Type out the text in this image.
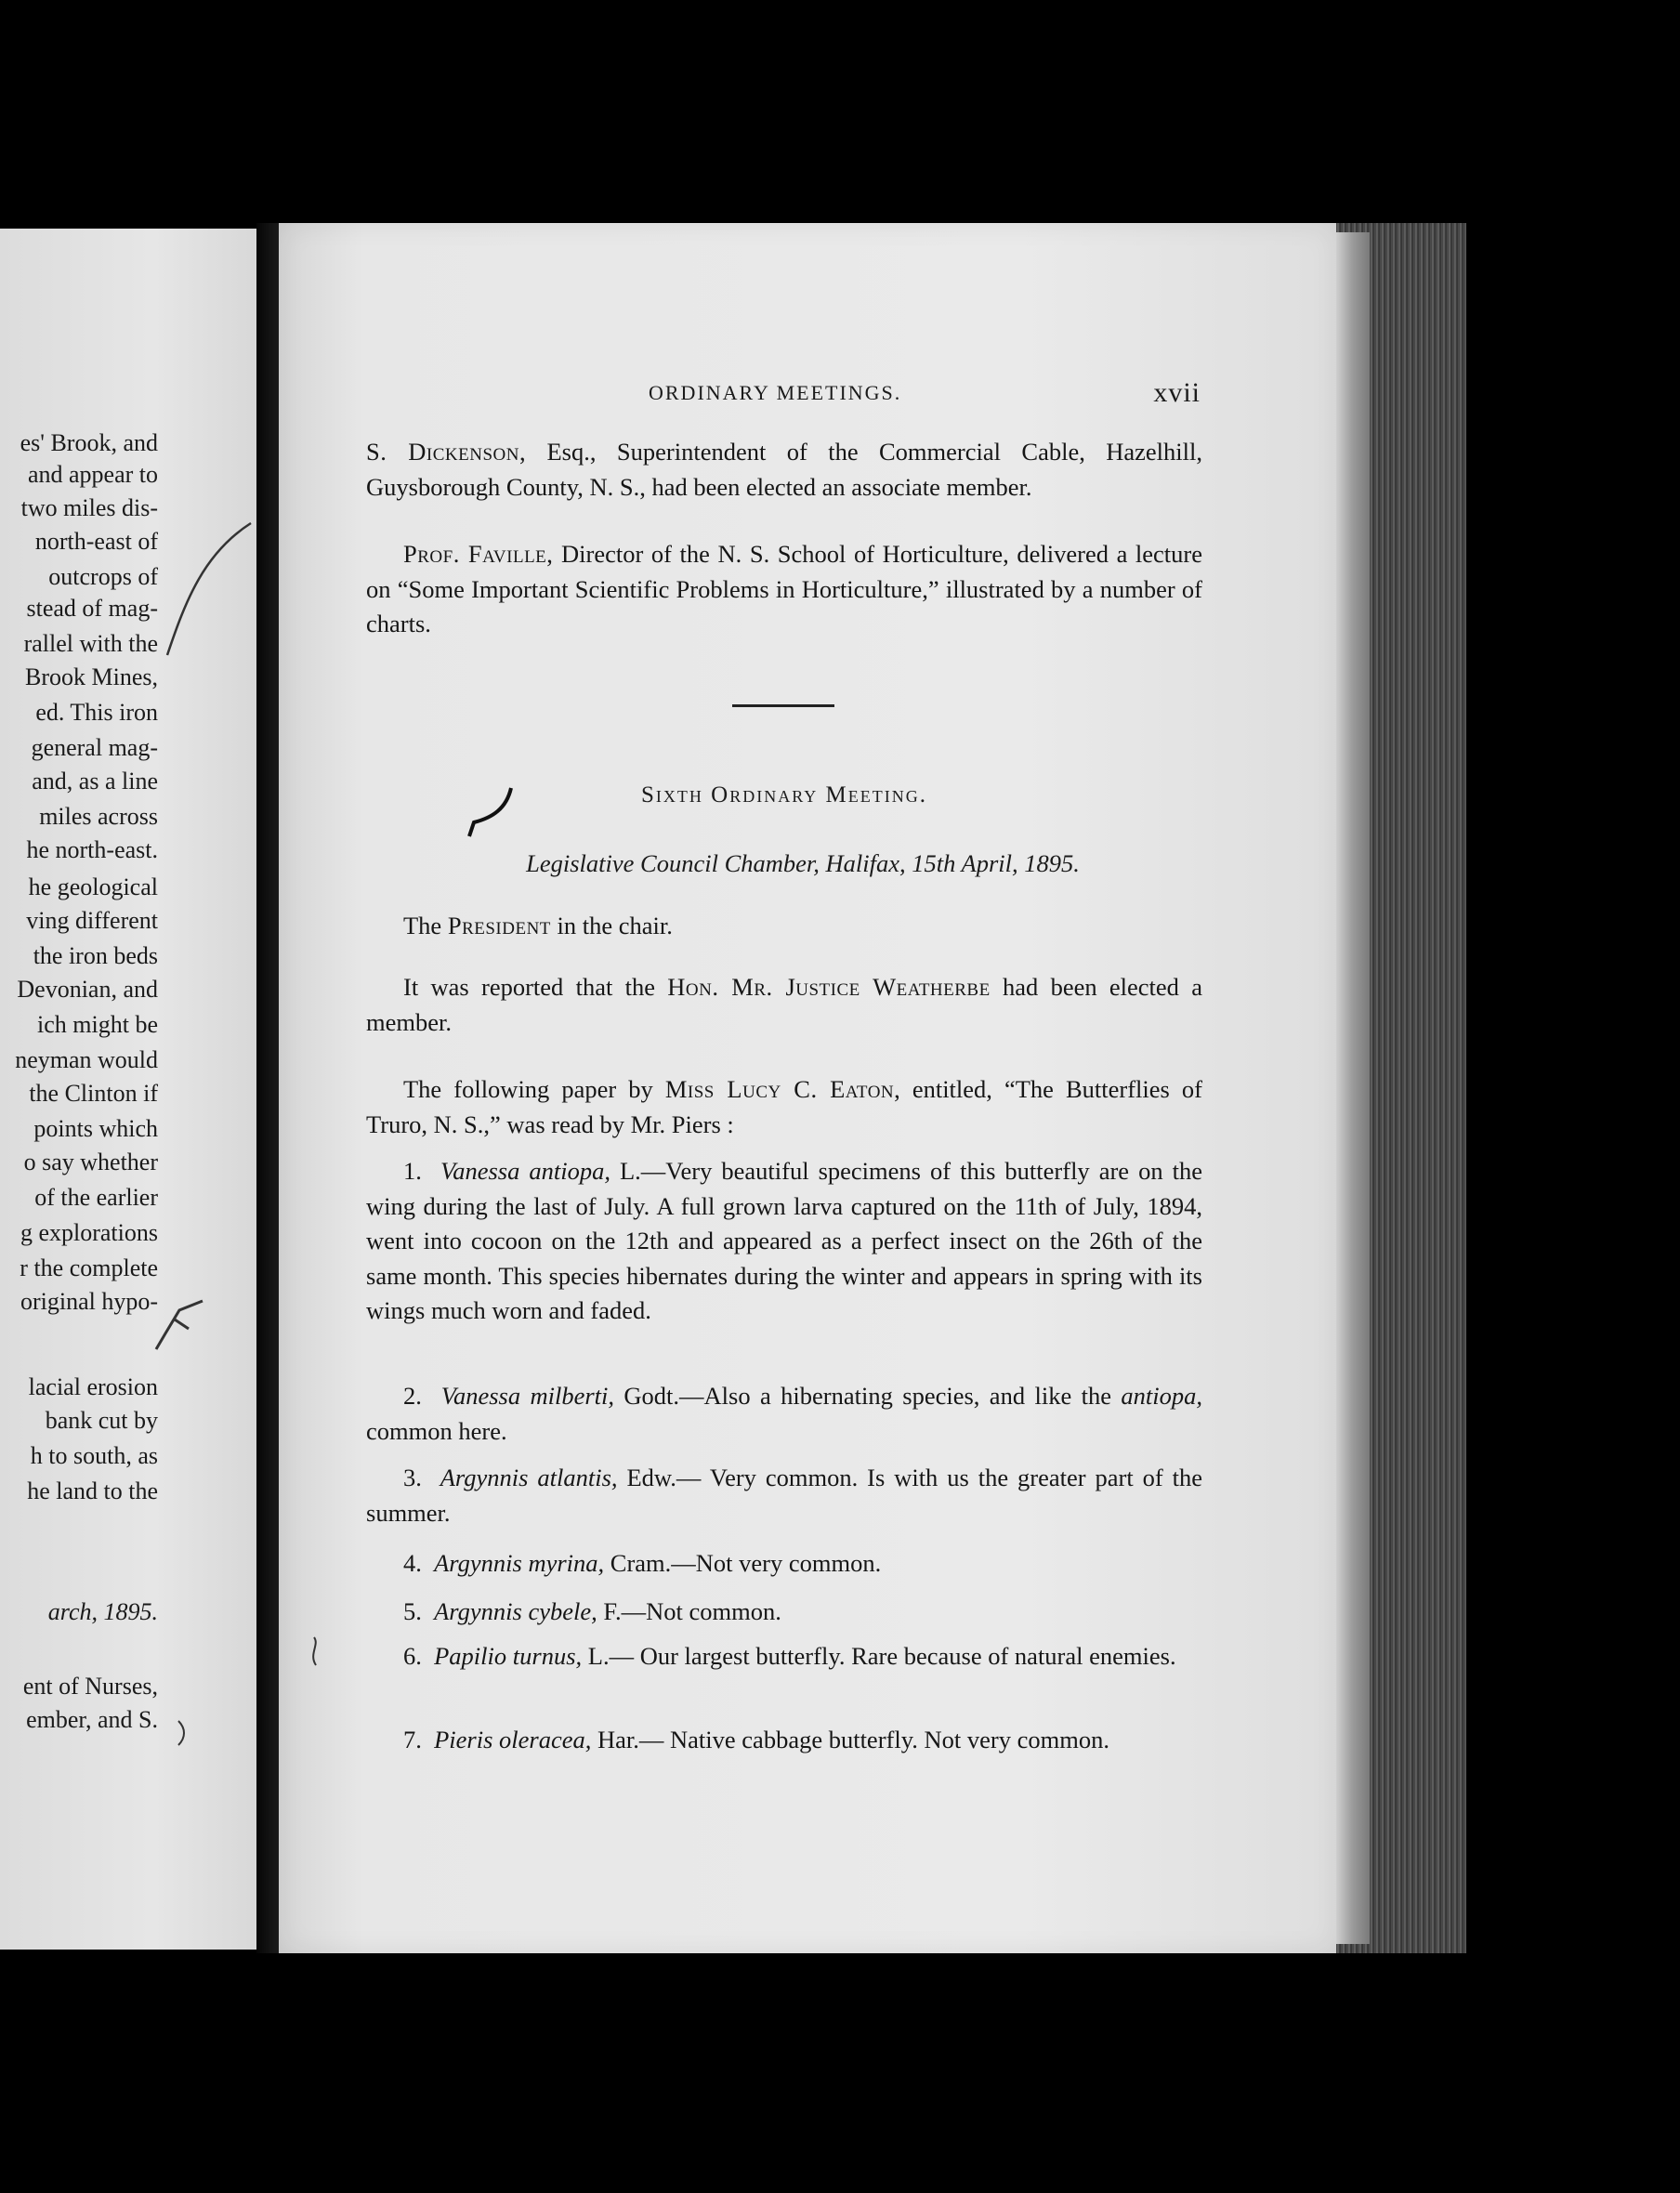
es' Brook, and
and appear to
two miles dis-
north-east of
outcrops of
stead of mag-
rallel with the
Brook Mines,
ed. This iron
general mag-
and, as a line
miles across
he north-east.
he geological
ving different
the iron beds
Devonian, and
ich might be
neyman would
the Clinton if
points which
o say whether
of the earlier
g explorations
r the complete
original hypo-
lacial erosion
bank cut by
h to south, as
he land to the
arch, 1895.
ent of Nurses,
ember, and S.
ORDINARY MEETINGS.	xvii
S. Dickenson, Esq., Superintendent of the Commercial Cable, Hazelhill, Guysborough County, N. S., had been elected an associate member.
Prof. Faville, Director of the N. S. School of Horticulture, delivered a lecture on “Some Important Scientific Problems in Horticulture,” illustrated by a number of charts.
Sixth Ordinary Meeting.
Legislative Council Chamber, Halifax, 15th April, 1895.
The President in the chair.
It was reported that the Hon. Mr. Justice Weatherbe had been elected a member.
The following paper by Miss Lucy C. Eaton, entitled, “The Butterflies of Truro, N. S.,” was read by Mr. Piers :
1. Vanessa antiopa, L.—Very beautiful specimens of this butterfly are on the wing during the last of July. A full grown larva captured on the 11th of July, 1894, went into cocoon on the 12th and appeared as a perfect insect on the 26th of the same month. This species hibernates during the winter and appears in spring with its wings much worn and faded.
2. Vanessa milberti, Godt.—Also a hibernating species, and like the antiopa, common here.
3. Argynnis atlantis, Edw.— Very common. Is with us the greater part of the summer.
4. Argynnis myrina, Cram.—Not very common.
5. Argynnis cybele, F.—Not common.
6. Papilio turnus, L.— Our largest butterfly. Rare because of natural enemies.
7. Pieris oleracea, Har.— Native cabbage butterfly. Not very common.
